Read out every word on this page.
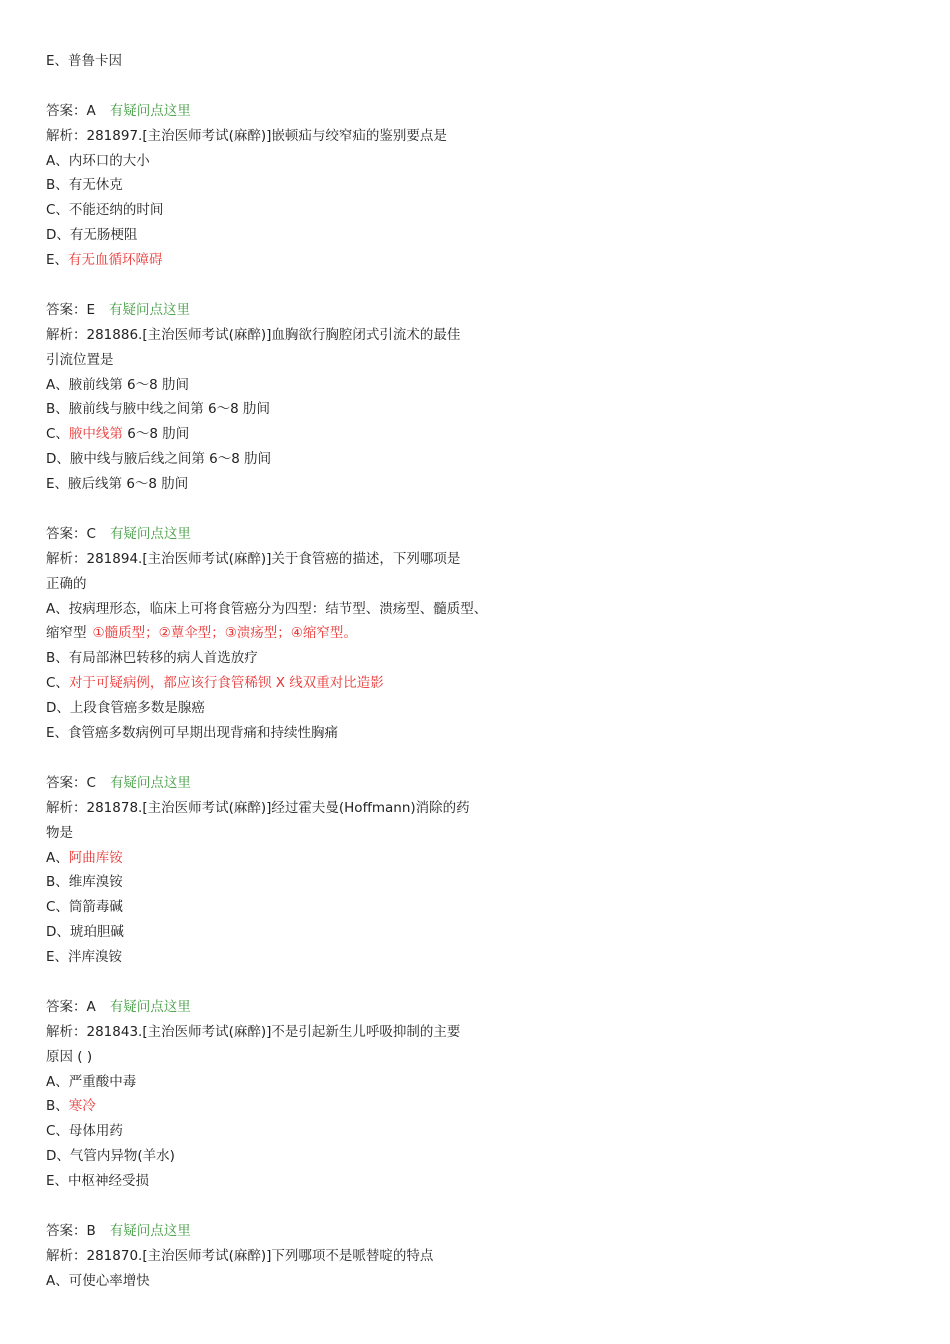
E、普鲁卡因
答案：A 有疑问点这里
解析：281897.[主治医师考试(麻醉)]嵌顿疝与绞窄疝的鉴别要点是
A、内环口的大小
B、有无休克
C、不能还纳的时间
D、有无肠梗阻
E、有无血循环障碍
答案：E 有疑问点这里
解析：281886.[主治医师考试(麻醉)]血胸欲行胸腔闭式引流术的最佳
引流位置是
A、腋前线第 6～8 肋间
B、腋前线与腋中线之间第 6～8 肋间
C、腋中线第 6～8 肋间
D、腋中线与腋后线之间第 6～8 肋间
E、腋后线第 6～8 肋间
答案：C 有疑问点这里
解析：281894.[主治医师考试(麻醉)]关于食管癌的描述，下列哪项是
正确的
A、按病理形态，临床上可将食管癌分为四型：结节型、溃疡型、髓质型、
缩窄型 ①髓质型；②蕈伞型；③溃疡型；④缩窄型。
B、有局部淋巴转移的病人首选放疗
C、对于可疑病例，都应该行食管稀钡 X 线双重对比造影
D、上段食管癌多数是腺癌
E、食管癌多数病例可早期出现背痛和持续性胸痛
答案：C 有疑问点这里
解析：281878.[主治医师考试(麻醉)]经过霍夫曼(Hoffmann)消除的药
物是
A、阿曲库铵
B、维库溴铵
C、筒箭毒碱
D、琥珀胆碱
E、泮库溴铵
答案：A 有疑问点这里
解析：281843.[主治医师考试(麻醉)]不是引起新生儿呼吸抑制的主要
原因 ( )
A、严重酸中毒
B、寒冷
C、母体用药
D、气管内异物(羊水)
E、中枢神经受损
答案：B 有疑问点这里
解析：281870.[主治医师考试(麻醉)]下列哪项不是哌替啶的特点
A、可使心率增快
